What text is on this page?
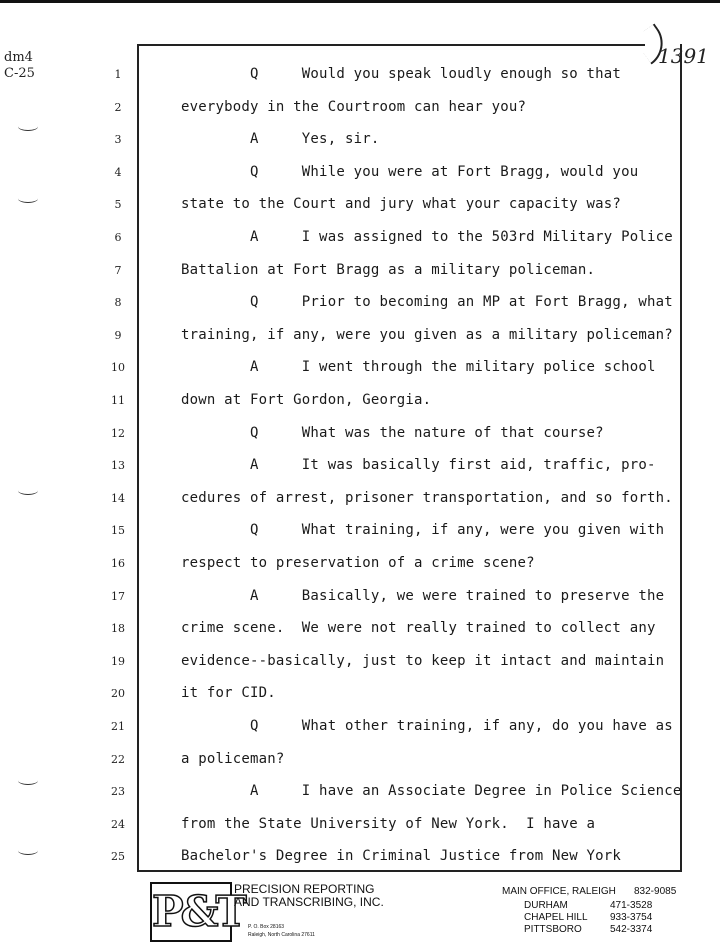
dm4
C-25
1391
1	Q     Would you speak loudly enough so that
2	everybody in the Courtroom can hear you?
3	A     Yes, sir.
4	Q     While you were at Fort Bragg, would you
5	state to the Court and jury what your capacity was?
6	A     I was assigned to the 503rd Military Police
7	Battalion at Fort Bragg as a military policeman.
8	Q     Prior to becoming an MP at Fort Bragg, what
9	training, if any, were you given as a military policeman?
10	A     I went through the military police school
11	down at Fort Gordon, Georgia.
12	Q     What was the nature of that course?
13	A     It was basically first aid, traffic, pro-
14	cedures of arrest, prisoner transportation, and so forth.
15	Q     What training, if any, were you given with
16	respect to preservation of a crime scene?
17	A     Basically, we were trained to preserve the
18	crime scene.  We were not really trained to collect any
19	evidence--basically, just to keep it intact and maintain
20	it for CID.
21	Q     What other training, if any, do you have as
22	a policeman?
23	A     I have an Associate Degree in Police Science
24	from the State University of New York.  I have a
25	Bachelor's Degree in Criminal Justice from New York
P&T
PRECISION REPORTING
AND TRANSCRIBING, INC.
P. O. Box 28163
Raleigh, North Carolina 27611
MAIN OFFICE, RALEIGH 832-9085
DURHAM	471-3528
CHAPEL HILL 933-3754
PITTSBORO	542-3374
